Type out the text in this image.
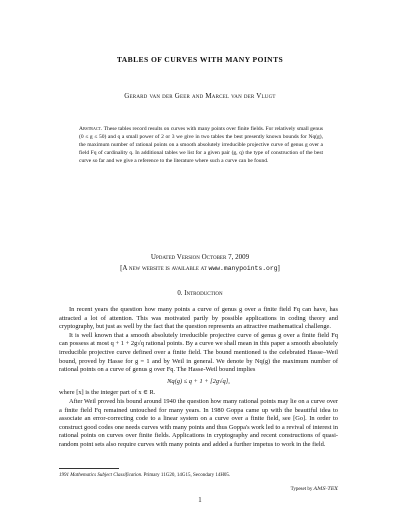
TABLES OF CURVES WITH MANY POINTS
Gerard van der Geer and Marcel van der Vlugt

Abstract. These tables record results on curves with many points over finite fields. For relatively small genus (0 ≤ g ≤ 50) and q a small power of 2 or 3 we give in two tables the best presently known bounds for Nq(g), the maximum number of rational points on a smooth absolutely irreducible projective curve of genus g over a field Fq of cardinality q. In additional tables we list for a given pair (g, q) the type of construction of the best curve so far and we give a reference to the literature where such a curve can be found.

Updated Version October 7, 2009
[A new website is available at www.manypoints.org]
0. Introduction

In recent years the question how many points a curve of genus g over a finite field Fq can have, has attracted a lot of attention. This was motivated partly by possible applications in coding theory and cryptography, but just as well by the fact that the question represents an attractive mathematical challenge.

It is well known that a smooth absolutely irreducible projective curve of genus g over a finite field Fq can possess at most q + 1 + 2g√q rational points. By a curve we shall mean in this paper a smooth absolutely irreducible projective curve defined over a finite field. The bound mentioned is the celebrated Hasse–Weil bound, proved by Hasse for g = 1 and by Weil in general. We denote by Nq(g) the maximum number of rational points on a curve of genus g over Fq. The Hasse-Weil bound implies

Nq(g) ≤ q + 1 + [2g√q],

where [x] is the integer part of x ∈ R.

After Weil proved his bound around 1940 the question how many rational points may lie on a curve over a finite field Fq remained untouched for many years. In 1980 Goppa came up with the beautiful idea to associate an error-correcting code to a linear system on a curve over a finite field, see [Go]. In order to construct good codes one needs curves with many points and thus Goppa's work led to a revival of interest in rational points on curves over finite fields. Applications in cryptography and recent constructions of quasi-random point sets also require curves with many points and added a further impetus to work in the field.

1991 Mathematics Subject Classification. Primary 11G20, 14G15, Secondary 14H05.
Typeset by AMS-TEX
1
